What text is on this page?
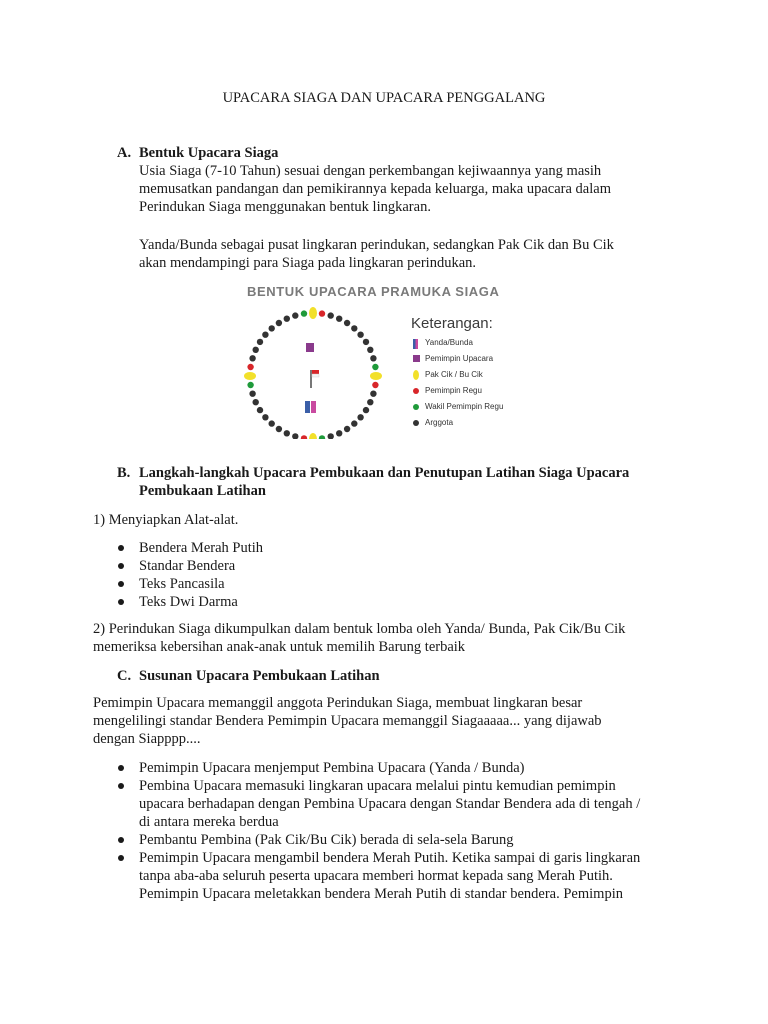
UPACARA SIAGA DAN UPACARA PENGGALANG
A. Bentuk Upacara Siaga

Usia Siaga (7-10 Tahun) sesuai dengan perkembangan kejiwaannya yang masih

memusatkan pandangan dan pemikirannya kepada keluarga, maka upacara dalam

Perindukan Siaga menggunakan bentuk lingkaran.

Yanda/Bunda sebagai pusat lingkaran perindukan, sedangkan Pak Cik dan Bu Cik

akan mendampingi para Siaga pada lingkaran perindukan.

BENTUK UPACARA PRAMUKA SIAGA
Keterangan:
Yanda/Bunda
Pemimpin Upacara
Pak Cik / Bu Cik
Pemimpin Regu
Wakil Pemimpin Regu
Arggota
B. Langkah-langkah Upacara Pembukaan dan Penutupan Latihan Siaga Upacara
Pembukaan Latihan

1) Menyiapkan Alat-alat.

Bendera Merah Putih
Standar Bendera
Teks Pancasila
Teks Dwi Darma

2) Perindukan Siaga dikumpulkan dalam bentuk lomba oleh Yanda/ Bunda, Pak Cik/Bu Cik

memeriksa kebersihan anak-anak untuk memilih Barung terbaik

C. Susunan Upacara Pembukaan Latihan

Pemimpin Upacara memanggil anggota Perindukan Siaga, membuat lingkaran besar

mengelilingi standar Bendera Pemimpin Upacara memanggil Siagaaaaa... yang dijawab

dengan Siapppp....

Pemimpin Upacara menjemput Pembina Upacara (Yanda / Bunda)
Pembina Upacara memasuki lingkaran upacara melalui pintu kemudian pemimpin
upacara berhadapan dengan Pembina Upacara dengan Standar Bendera ada di tengah /
di antara mereka berdua
Pembantu Pembina (Pak Cik/Bu Cik) berada di sela-sela Barung
Pemimpin Upacara mengambil bendera Merah Putih. Ketika sampai di garis lingkaran
tanpa aba-aba seluruh peserta upacara memberi hormat kepada sang Merah Putih.
Pemimpin Upacara meletakkan bendera Merah Putih di standar bendera. Pemimpin
